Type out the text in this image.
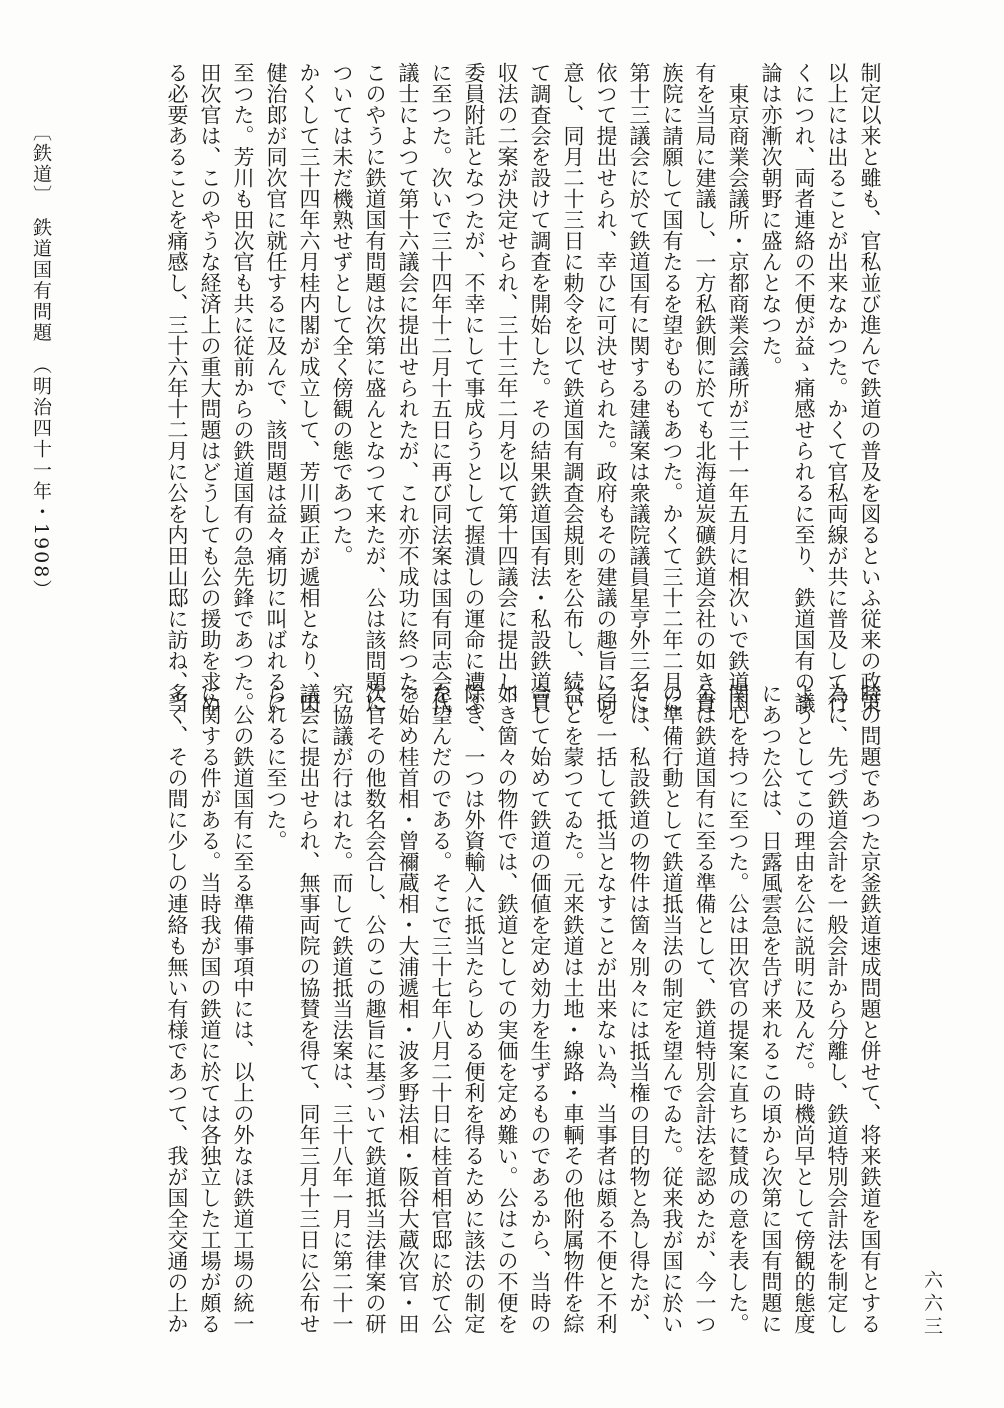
制定以来と雖も、官私並び進んで鉄道の普及を図るといふ従来の政策
以上には出ることが出来なかつた。かくて官私両線が共に普及して行
くにつれ、両者連絡の不便が益ゝ痛感せられるに至り、鉄道国有の議
論は亦漸次朝野に盛んとなつた。
　東京商業会議所・京都商業会議所が三十一年五月に相次いで鉄道国
有を当局に建議し、一方私鉄側に於ても北海道炭礦鉄道会社の如き貴
族院に請願して国有たるを望むものもあつた。かくて三十二年二月に
第十三議会に於て鉄道国有に関する建議案は衆議院議員星亨外三名に
依つて提出せられ、幸ひに可決せられた。政府もその建議の趣旨に同
意し、同月二十三日に勅令を以て鉄道国有調査会規則を公布し、続い
て調査会を設けて調査を開始した。その結果鉄道国有法・私設鉄道買
収法の二案が決定せられ、三十三年二月を以て第十四議会に提出し、
委員附託となつたが、不幸にして事成らうとして握潰しの運命に遭ふ
に至つた。次いで三十四年十二月十五日に再び同法案は国有同志会代
議士によつて第十六議会に提出せられたが、これ亦不成功に終つた。
このやうに鉄道国有問題は次第に盛んとなつて来たが、公は該問題に
ついては未だ機熟せずとして全く傍観の態であつた。
かくして三十四年六月桂内閣が成立して、芳川顕正が遞相となり、田
健治郎が同次官に就任するに及んで、該問題は益々痛切に叫ばれるに
至つた。芳川も田次官も共に従前からの鉄道国有の急先鋒であつた。
田次官は、このやうな経済上の重大問題はどうしても公の援助を求め
る必要あることを痛感し、三十六年十二月に公を内田山邸に訪ね、当
時の問題であつた京釜鉄道速成問題と併せて、将来鉄道を国有とする
為に、先づ鉄道会計を一般会計から分離し、鉄道特別会計法を制定し
ようとしてこの理由を公に説明に及んだ。時機尚早として傍観的態度
にあつた公は、日露風雲急を告げ来れるこの頃から次第に国有問題に
関心を持つに至つた。公は田次官の提案に直ちに賛成の意を表した。
公は鉄道国有に至る準備として、鉄道特別会計法を認めたが、今一つ
の準備行動として鉄道抵当法の制定を望んでゐた。従来我が国に於い
ては、私設鉄道の物件は箇々別々には抵当権の目的物と為し得たが、
之を一括して抵当となすことが出来ない為、当事者は頗る不便と不利
益とを蒙つてゐた。元来鉄道は土地・線路・車輌その他附属物件を綜
合して始めて鉄道の価値を定め効力を生ずるものであるから、当時の
如き箇々の物件では、鉄道としての実価を定め難い。公はこの不便を
除き、一つは外資輸入に抵当たらしめる便利を得るために該法の制定
を望んだのである。そこで三十七年八月二十日に桂首相官邸に於て公
を始め桂首相・曾禰蔵相・大浦遞相・波多野法相・阪谷大蔵次官・田
次官その他数名会合し、公のこの趣旨に基づいて鉄道抵当法律案の研
究協議が行はれた。而して鉄道抵当法案は、三十八年一月に第二十一
議会に提出せられ、無事両院の協賛を得て、同年三月十三日に公布せ
られるに至つた。
　公の鉄道国有に至る準備事項中には、以上の外なほ鉄道工場の統一
に関する件がある。当時我が国の鉄道に於ては各独立した工場が頗る
多く、その間に少しの連絡も無い有様であつて、我が国全交通の上か
〔鉄道〕　鉄道国有問題　（明治四十一年・1908）
六六三
